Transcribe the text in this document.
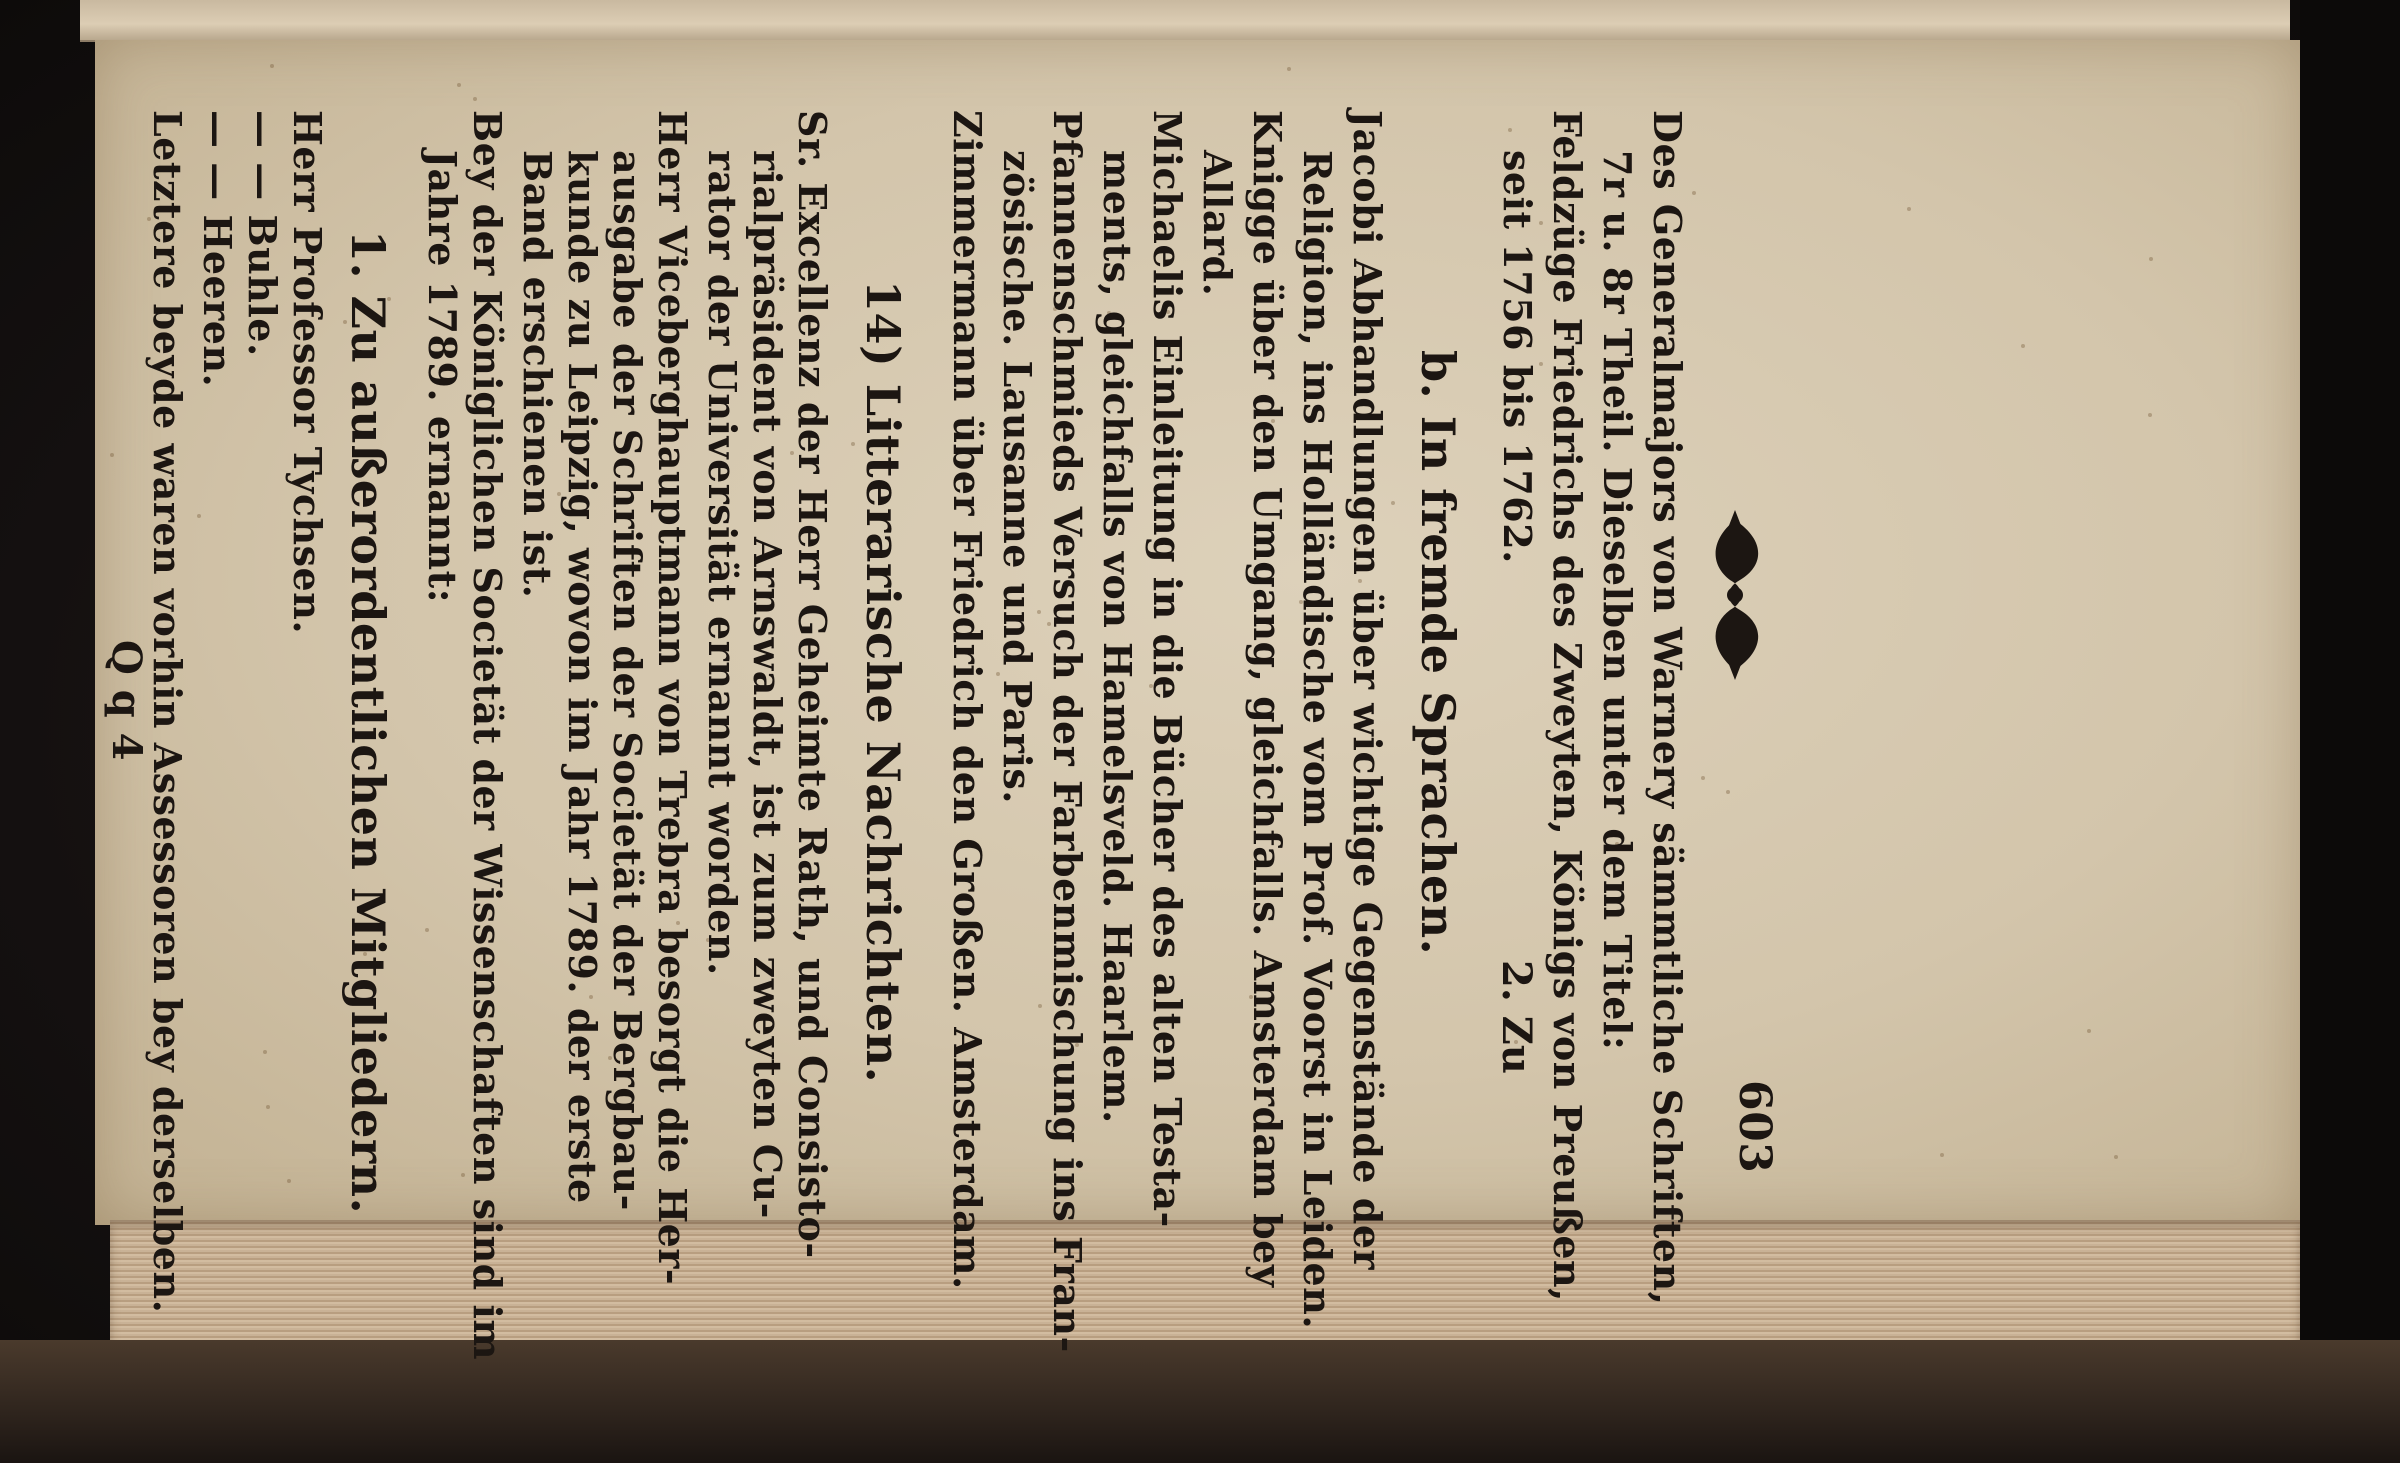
603
Des Generalmajors von Warnery sämmtliche Schriften,
7r u. 8r Theil. Dieselben unter dem Titel:
Feldzüge Friedrichs des Zweyten, Königs von Preußen,
seit 1756 bis 1762.
b. In fremde Sprachen.
Jacobi Abhandlungen über wichtige Gegenstände der
Religion, ins Holländische vom Prof. Voorst in Leiden.
Knigge über den Umgang, gleichfalls. Amsterdam bey
Allard.
Michaelis Einleitung in die Bücher des alten Testa-
ments, gleichfalls von Hamelsveld. Haarlem.
Pfannenschmieds Versuch der Farbenmischung ins Fran-
zösische. Lausanne und Paris.
Zimmermann über Friedrich den Großen. Amsterdam.
14) Litterarische Nachrichten.
Sr. Excellenz der Herr Geheimte Rath, und Consisto-
rialpräsident von Arnswaldt, ist zum zweyten Cu-
rator der Universität ernannt worden.
Herr Viceberghauptmann von Trebra besorgt die Her-
ausgabe der Schriften der Societät der Bergbau-
kunde zu Leipzig, wovon im Jahr 1789. der erste
Band erschienen ist.
Bey der Königlichen Societät der Wissenschaften sind im
Jahre 1789. ernannt:
1. Zu außerordentlichen Mitgliedern.
Herr Professor Tychsen.
— — Buhle.
— — Heeren.
Letztere beyde waren vorhin Assessoren bey derselben.
Q q 4
2. Zu
